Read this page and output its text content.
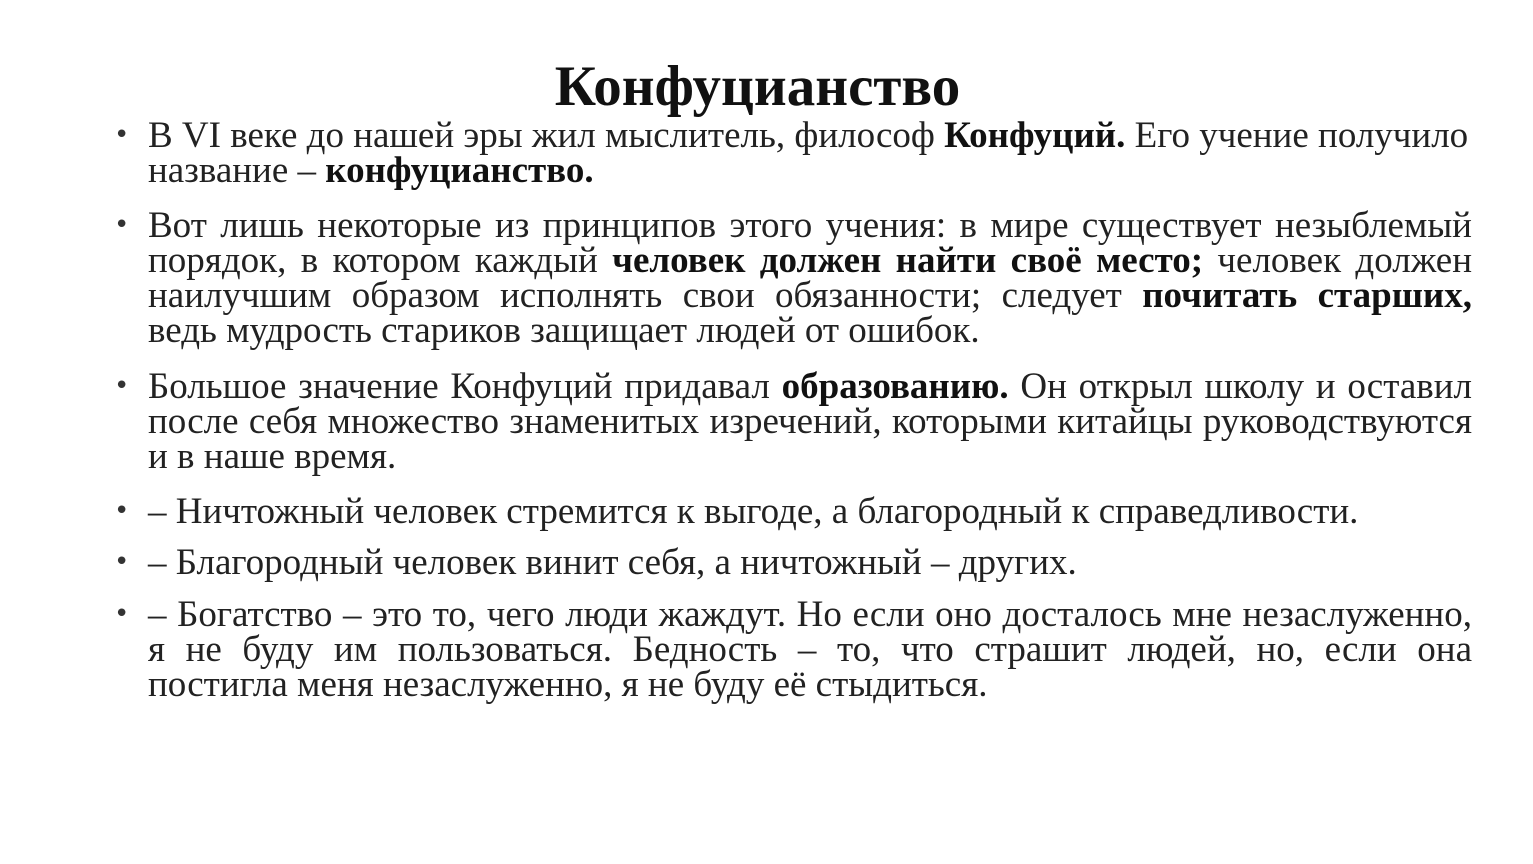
Конфуцианство
• В VI веке до нашей эры жил мыслитель, философ Конфуций. Его учение получило название – конфуцианство.
• Вот лишь некоторые из принципов этого учения: в мире существует незыблемый порядок, в котором каждый человек должен найти своё место; человек должен наилучшим образом исполнять свои обязанности; следует почитать старших, ведь мудрость стариков защищает людей от ошибок.
• Большое значение Конфуций придавал образованию. Он открыл школу и оставил после себя множество знаменитых изречений, которыми китайцы руководствуются и в наше время.
• – Ничтожный человек стремится к выгоде, а благородный к справедливости.
• – Благородный человек винит себя, а ничтожный – других.
• – Богатство – это то, чего люди жаждут. Но если оно досталось мне незаслуженно, я не буду им пользоваться. Бедность – то, что страшит людей, но, если она постигла меня незаслуженно, я не буду её стыдиться.
